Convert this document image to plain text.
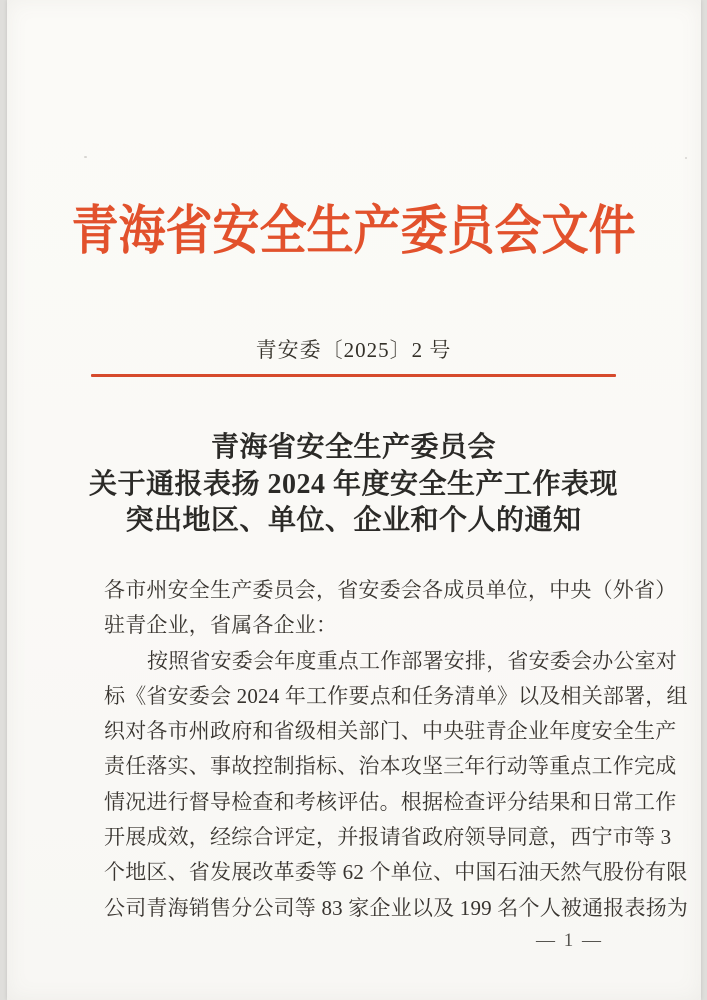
青海省安全生产委员会文件
青安委〔2025〕2 号
青海省安全生产委员会
关于通报表扬 2024 年度安全生产工作表现
突出地区、单位、企业和个人的通知

各市州安全生产委员会，省安委会各成员单位，中央（外省）

驻青企业，省属各企业：

按照省安委会年度重点工作部署安排，省安委会办公室对

标《省安委会 2024 年工作要点和任务清单》以及相关部署，组

织对各市州政府和省级相关部门、中央驻青企业年度安全生产

责任落实、事故控制指标、治本攻坚三年行动等重点工作完成

情况进行督导检查和考核评估。根据检查评分结果和日常工作

开展成效，经综合评定，并报请省政府领导同意，西宁市等 3

个地区、省发展改革委等 62 个单位、中国石油天然气股份有限

公司青海销售分公司等 83 家企业以及 199 名个人被通报表扬为

— 1 —
